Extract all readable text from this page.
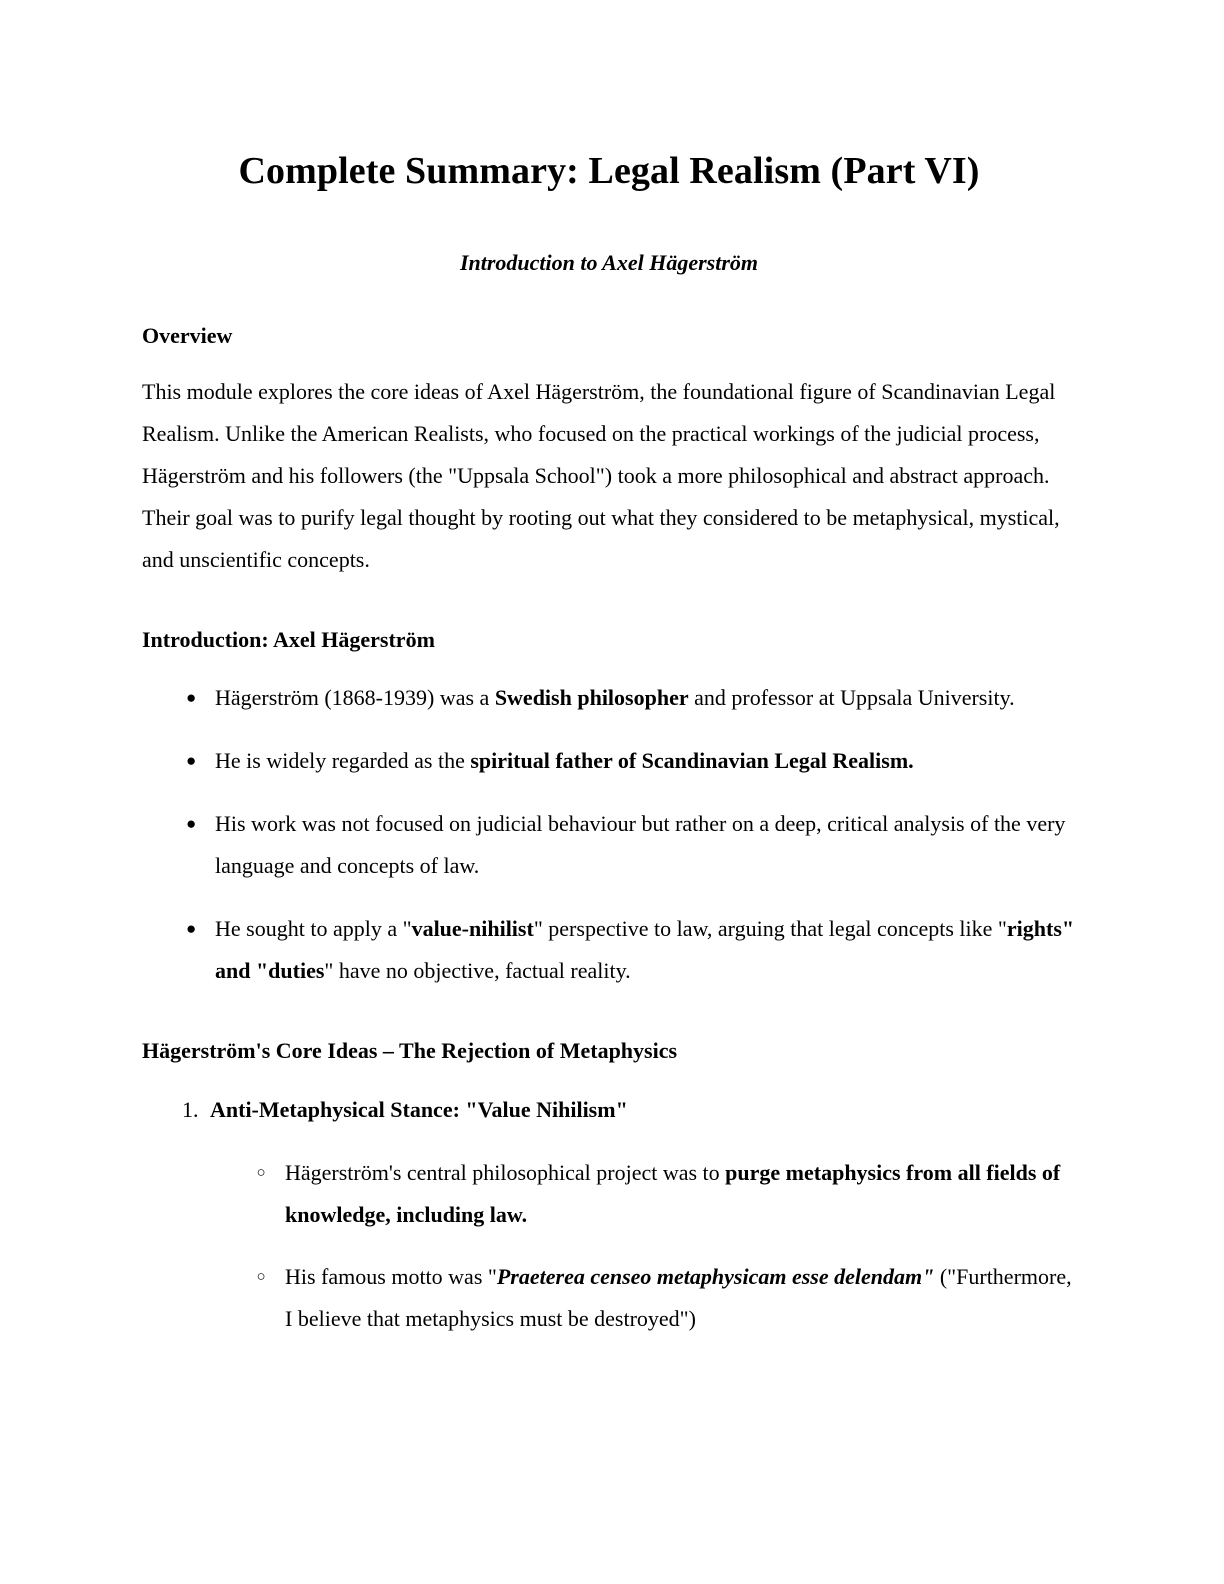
Complete Summary: Legal Realism (Part VI)
Introduction to Axel Hägerström
Overview

This module explores the core ideas of Axel Hägerström, the foundational figure of Scandinavian Legal Realism. Unlike the American Realists, who focused on the practical workings of the judicial process, Hägerström and his followers (the "Uppsala School") took a more philosophical and abstract approach. Their goal was to purify legal thought by rooting out what they considered to be metaphysical, mystical, and unscientific concepts.

Introduction: Axel Hägerström
● Hägerström (1868-1939) was a Swedish philosopher and professor at Uppsala University.
● He is widely regarded as the spiritual father of Scandinavian Legal Realism.
● His work was not focused on judicial behaviour but rather on a deep, critical analysis of the very language and concepts of law.
● He sought to apply a "value-nihilist" perspective to law, arguing that legal concepts like "rights" and "duties" have no objective, factual reality.
Hägerström's Core Ideas – The Rejection of Metaphysics
1. Anti-Metaphysical Stance: "Value Nihilism"
○ Hägerström's central philosophical project was to purge metaphysics from all fields of knowledge, including law.
○ His famous motto was "Praeterea censeo metaphysicam esse delendam" ("Furthermore, I believe that metaphysics must be destroyed")
